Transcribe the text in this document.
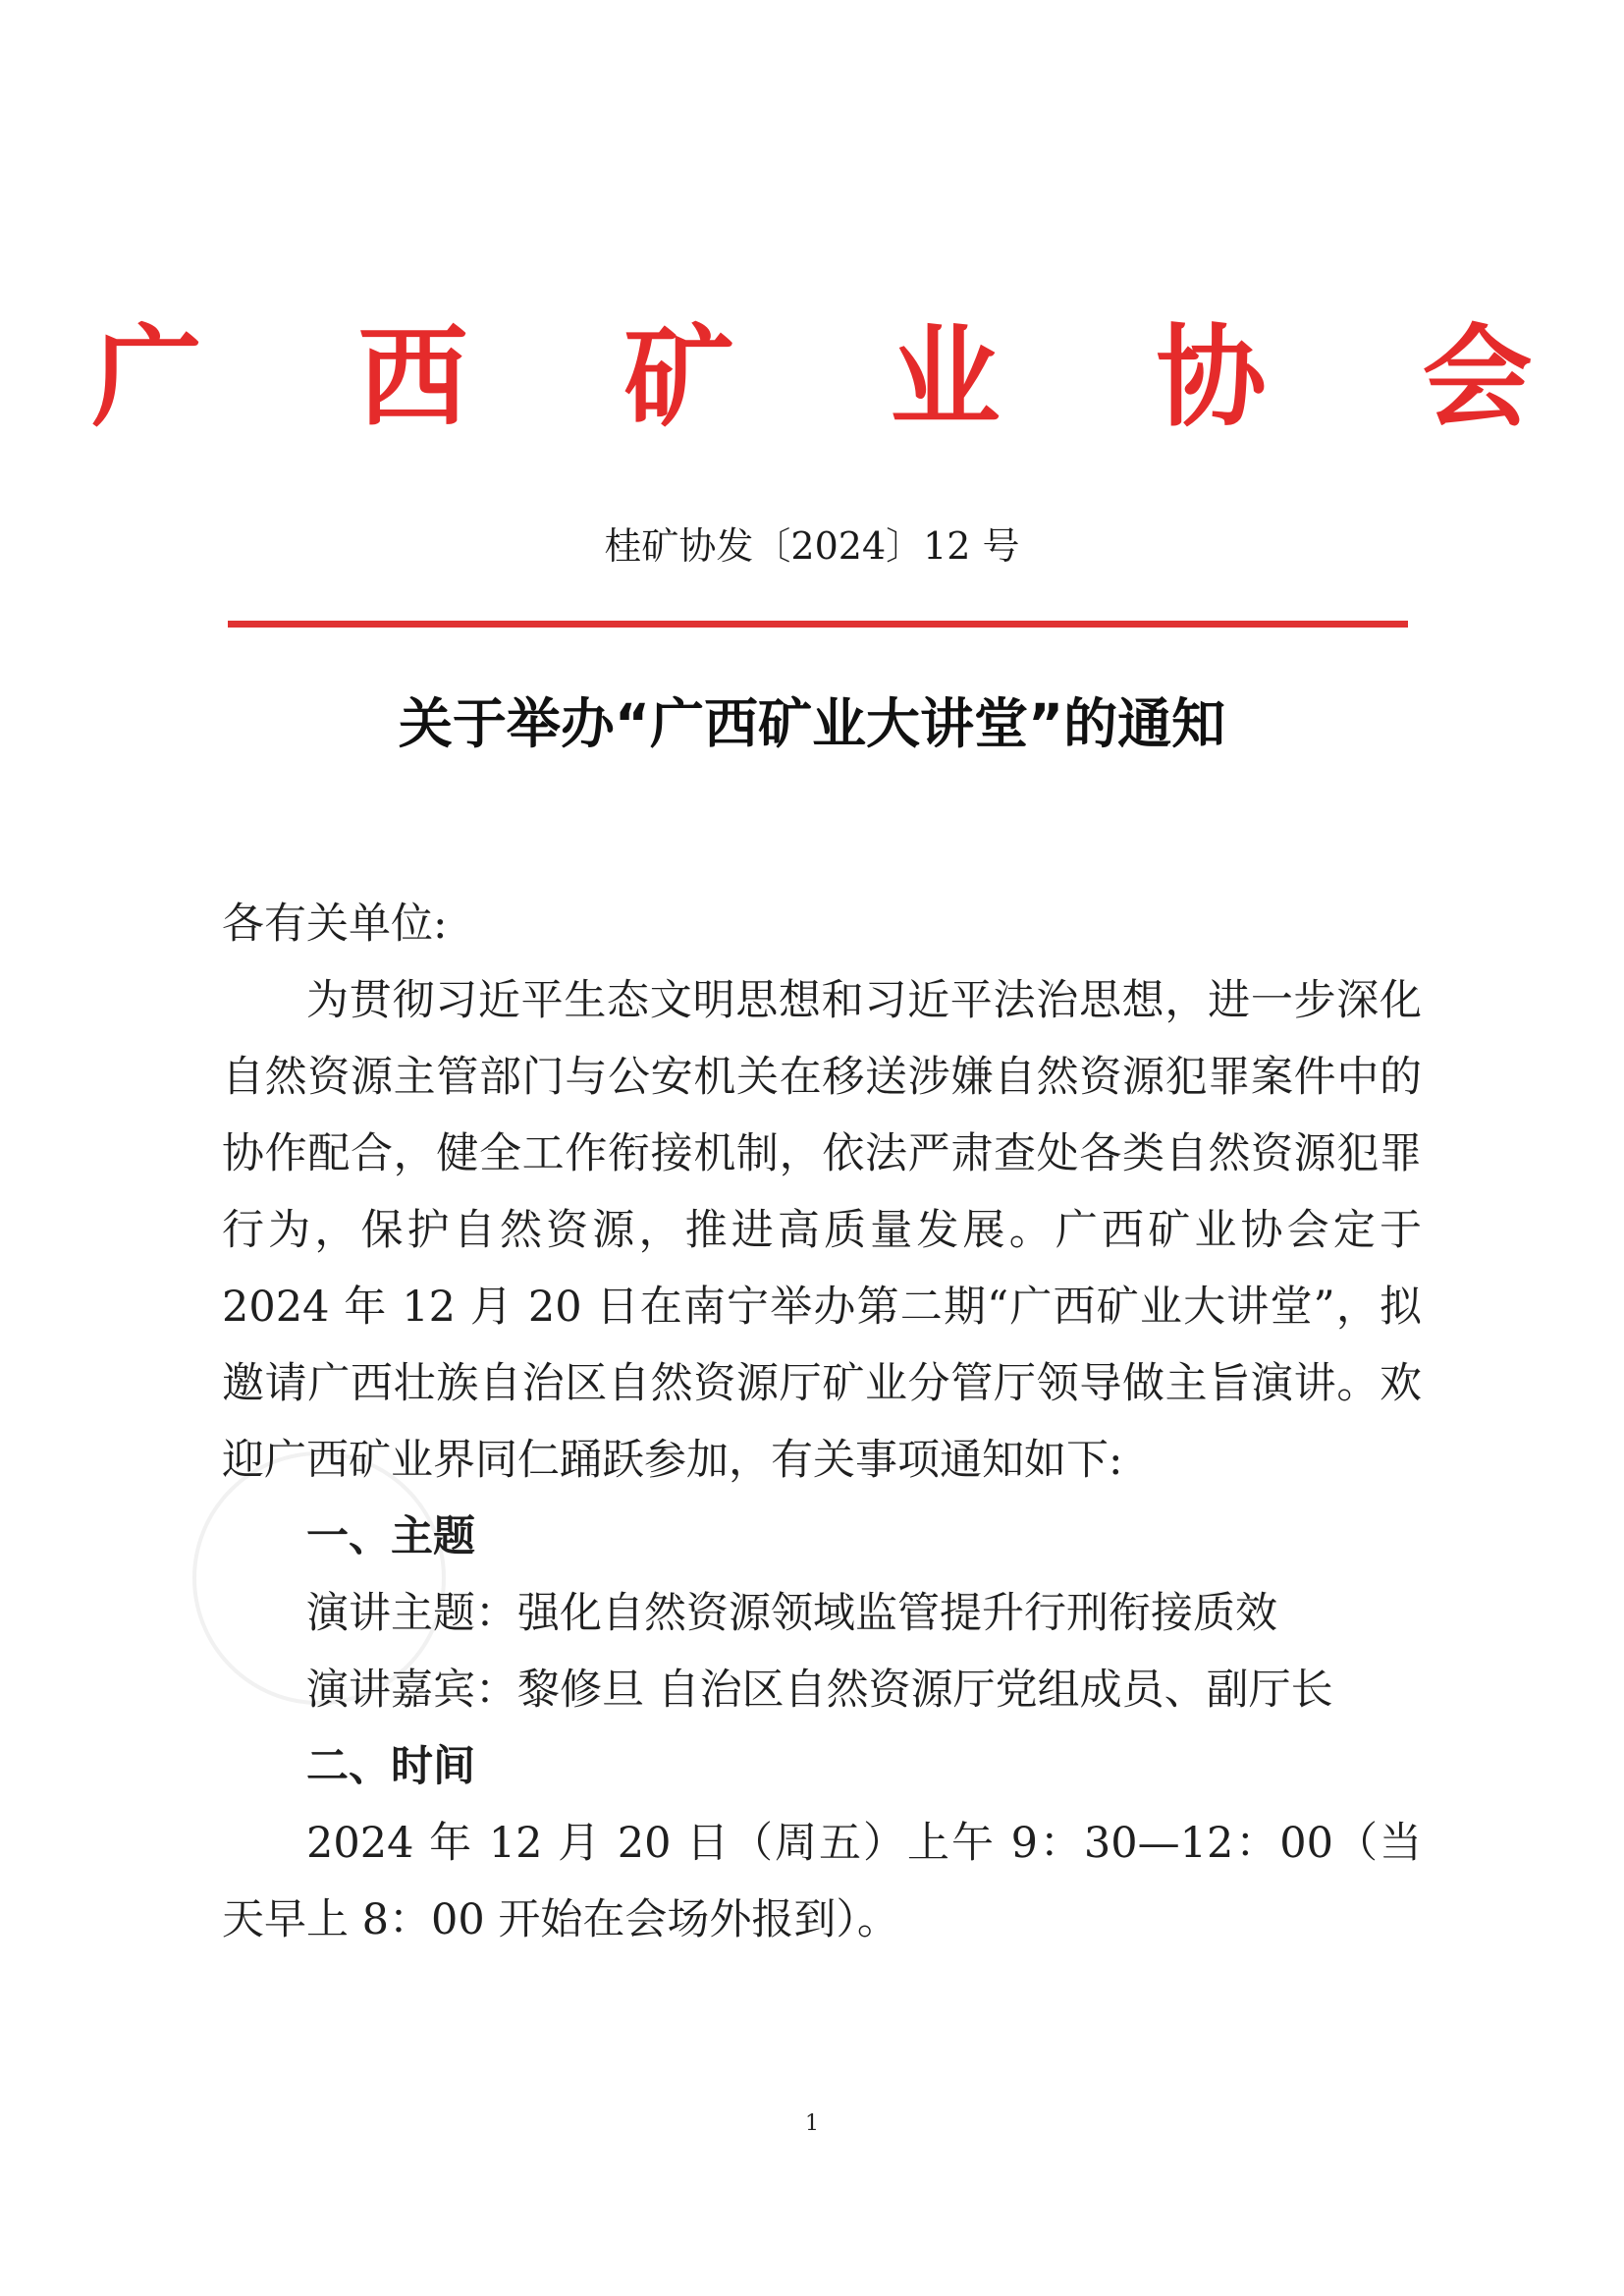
广 西 矿 业 协 会
桂矿协发〔2024〕12 号
关于举办“广西矿业大讲堂”的通知

各有关单位:

为贯彻习近平生态文明思想和习近平法治思想，进一步深化自然资源主管部门与公安机关在移送涉嫌自然资源犯罪案件中的协作配合，健全工作衔接机制，依法严肃查处各类自然资源犯罪行为，保护自然资源，推进高质量发展。广西矿业协会定于 2024 年 12 月 20 日在南宁举办第二期“广西矿业大讲堂”，拟邀请广西壮族自治区自然资源厅矿业分管厅领导做主旨演讲。欢迎广西矿业界同仁踊跃参加，有关事项通知如下:

一、主题

演讲主题：强化自然资源领域监管提升行刑衔接质效

演讲嘉宾：黎修旦 自治区自然资源厅党组成员、副厅长

二、时间

2024 年 12 月 20 日（周五）上午 9：30—12：00（当天早上 8：00 开始在会场外报到）。

1
